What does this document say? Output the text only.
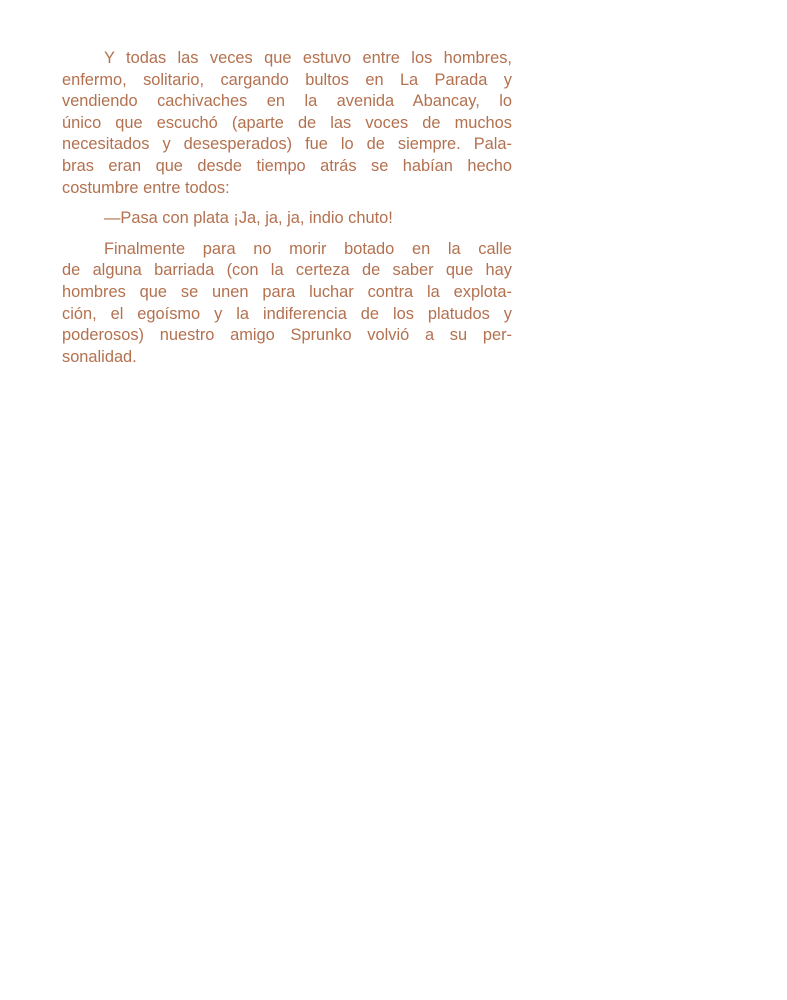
Y todas las veces que estuvo entre los hombres,
enfermo, solitario, cargando bultos en La Parada y
vendiendo cachivaches en la avenida Abancay, lo
único que escuchó (aparte de las voces de muchos
necesitados y desesperados) fue lo de siempre. Pala-
bras eran que desde tiempo atrás se habían hecho
costumbre entre todos:
—Pasa con plata ¡Ja, ja, ja, indio chuto!
Finalmente para no morir botado en la calle
de alguna barriada (con la certeza de saber que hay
hombres que se unen para luchar contra la explota-
ción, el egoísmo y la indiferencia de los platudos y
poderosos) nuestro amigo Sprunko volvió a su per-
sonalidad.
